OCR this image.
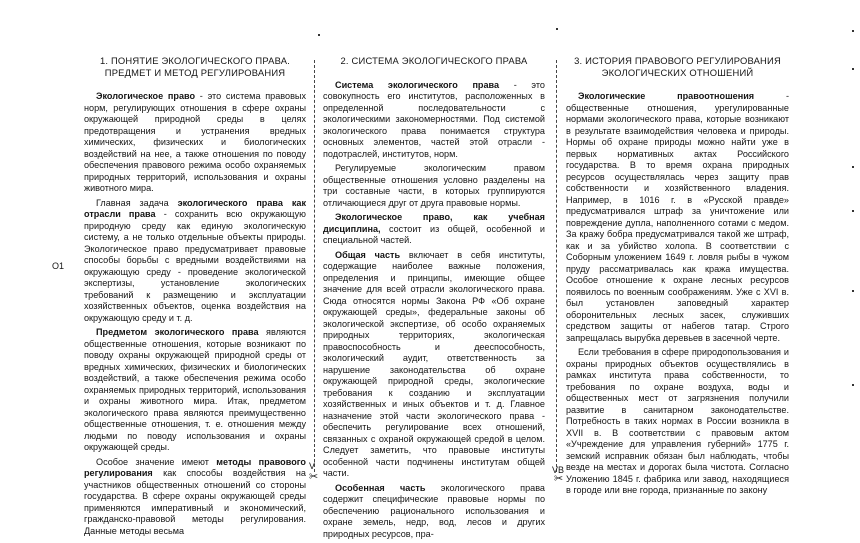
1. ПОНЯТИЕ ЭКОЛОГИЧЕСКОГО ПРАВА.
ПРЕДМЕТ И МЕТОД РЕГУЛИРОВАНИЯ

Экологическое право - это система правовых норм, регулирующих отношения в сфере охраны окружающей природной среды в целях предотвращения и устранения вредных химических, физических и биологических воздействий на нее, а также отношения по поводу обеспечения правового режима особо охраняемых природных территорий, использования и охраны животного мира.

Главная задача экологического права как отрасли права - сохранить всю окружающую природную среду как единую экологическую систему, а не только отдельные объекты природы. Экологическое право предусматривает правовые способы борьбы с вредными воздействиями на окружающую среду - проведение экологической экспертизы, установление экологических требований к размещению и эксплуатации хозяйственных объектов, оценка воздействия на окружающую среду и т. д.

Предметом экологического права являются общественные отношения, которые возникают по поводу охраны окружающей природной среды от вредных химических, физических и биологических воздействий, а также обеспечения режима особо охраняемых природных территорий, использования и охраны животного мира. Итак, предметом экологического права являются преимущественно общественные отношения, т. е. отношения между людьми по поводу использования и охраны окружающей среды.

Особое значение имеют методы правового регулирования как способы воздействия на участников общественных отношений со стороны государства. В сфере охраны окружающей среды применяются императивный и экономический, гражданско-правовой методы регулирования. Данные методы весьма

2. СИСТЕМА ЭКОЛОГИЧЕСКОГО ПРАВА

Система экологического права - это совокупность его институтов, расположенных в определенной последовательности с экологическими закономерностями. Под системой экологического права понимается структура основных элементов, частей этой отрасли - подотраслей, институтов, норм.

Регулируемые экологическим правом общественные отношения условно разделены на три составные части, в которых группируются отличающиеся друг от друга правовые нормы.

Экологическое право, как учебная дисциплина, состоит из общей, особенной и специальной частей.

Общая часть включает в себя институты, содержащие наиболее важные положения, определения и принципы, имеющие общее значение для всей отрасли экологического права. Сюда относятся нормы Закона РФ «Об охране окружающей среды», федеральные законы об экологической экспертизе, об особо охраняемых природных территориях, экологическая правоспособность и дееспособность, экологический аудит, ответственность за нарушение законодательства об охране окружающей природной среды, экологические требования к созданию и эксплуатации хозяйственных и иных объектов и т. д. Главное назначение этой части экологического права - обеспечить регулирование всех отношений, связанных с охраной окружающей средой в целом. Следует заметить, что правовые институты особенной части подчинены институтам общей части.

Особенная часть экологического права содержит специфические правовые нормы по обеспечению рационального использования и охране земель, недр, вод, лесов и других природных ресурсов, пра-

3. ИСТОРИЯ ПРАВОВОГО РЕГУЛИРОВАНИЯ
ЭКОЛОГИЧЕСКИХ ОТНОШЕНИЙ

Экологические правоотношения - общественные отношения, урегулированные нормами экологического права, которые возникают в результате взаимодействия человека и природы. Нормы об охране природы можно найти уже в первых нормативных актах Российского государства. В то время охрана природных ресурсов осуществлялась через защиту прав собственности и хозяйственного владения. Например, в 1016 г. в «Русской правде» предусматривался штраф за уничтожение или повреждение дупла, наполненного сотами с медом. За кражу бобра предусматривался такой же штраф, как и за убийство холопа. В соответствии с Соборным уложением 1649 г. ловля рыбы в чужом пруду рассматривалась как кража имущества. Особое отношение к охране лесных ресурсов появилось по военным соображениям. Уже с XVI в. был установлен заповедный характер оборонительных лесных засек, служивших средством защиты от набегов татар. Строго запрещалась вырубка деревьев в засечной черте.

Если требования в сфере природопользования и охраны природных объектов осуществлялись в рамках института права собственности, то требования по охране воздуха, воды и общественных мест от загрязнения получили развитие в санитарном законодательстве. Потребность в таких нормах в России возникла в XVII в. В соответствии с правовым актом «Учреждение для управления губерний» 1775 г. земский исправник обязан был наблюдать, чтобы везде на местах и дорогах была чистота. Согласно Уложению 1845 г. фабрика или завод, находящиеся в городе или вне города, признанные по закону

О1
V	VB
✂	✂
